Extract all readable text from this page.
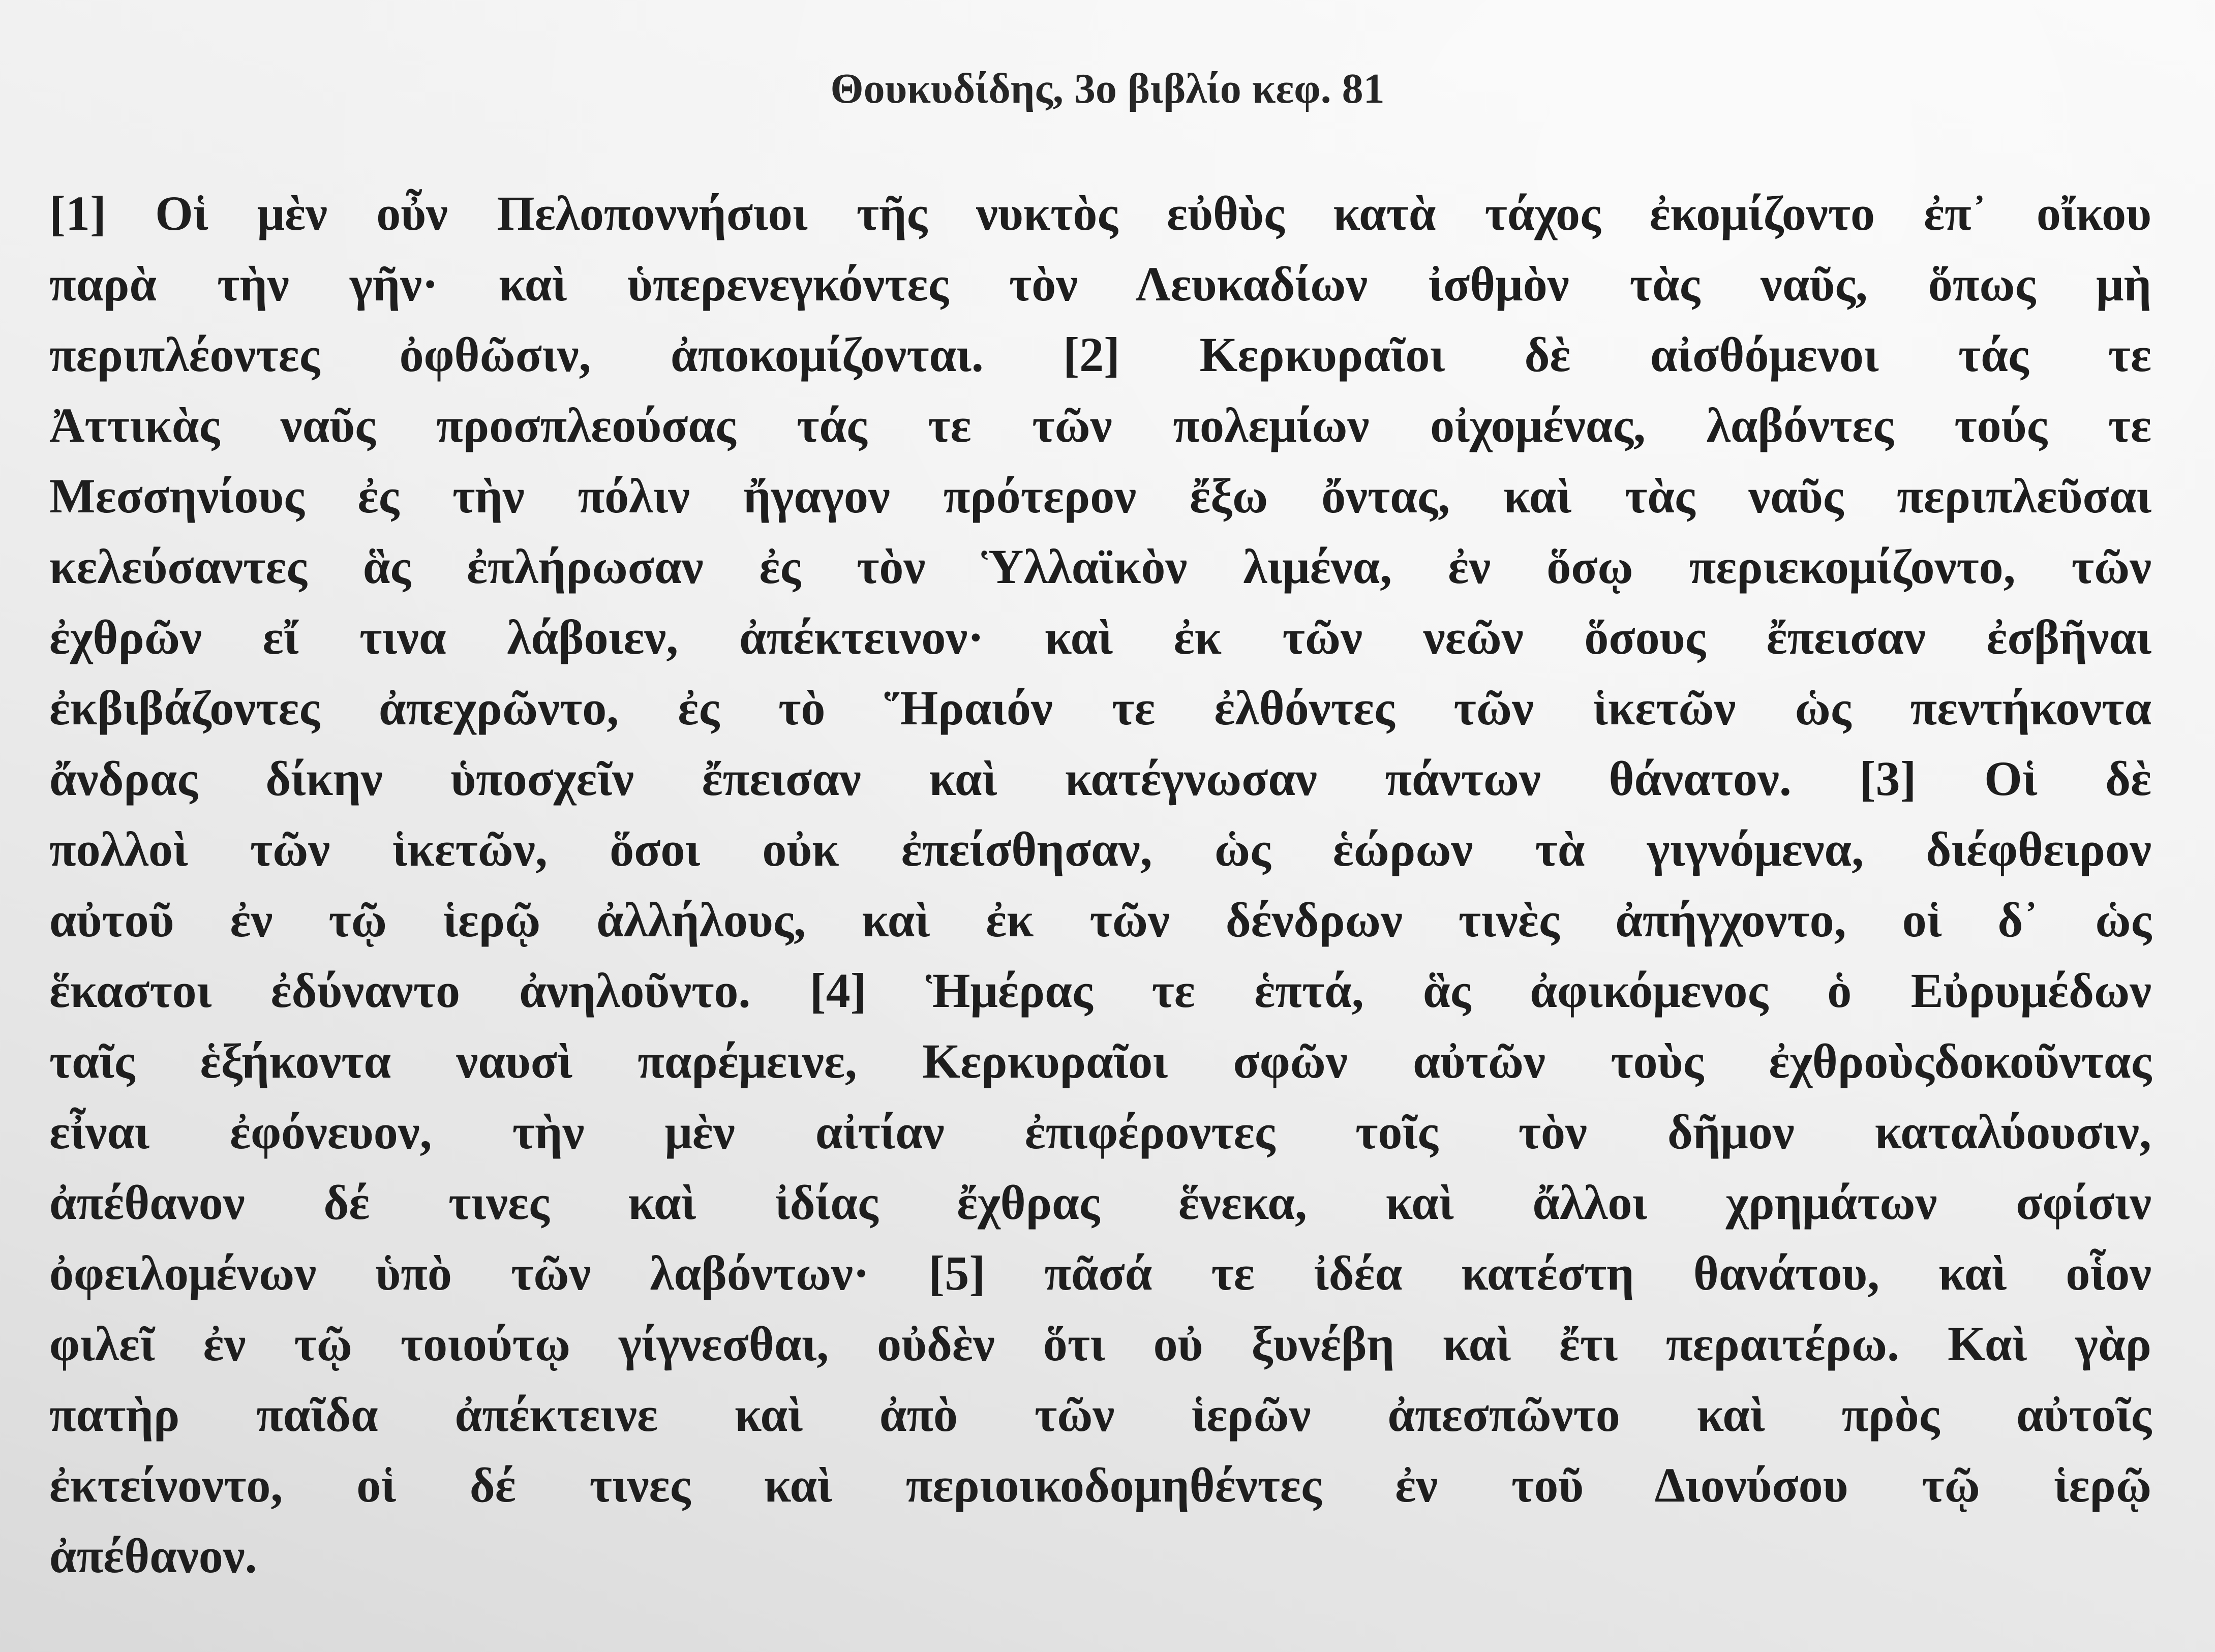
Θουκυδίδης, 3ο βιβλίο κεφ. 81
[1] Οἱ μὲν οὖν Πελοποννήσιοι τῆς νυκτὸς εὐθὺς κατὰ τάχος ἐκομίζοντο ἐπ᾽ οἴκου
παρὰ τὴν γῆν· καὶ ὑπερενεγκόντες τὸν Λευκαδίων ἰσθμὸν τὰς ναῦς, ὅπως μὴ
περιπλέοντες ὀφθῶσιν, ἀποκομίζονται. [2] Κερκυραῖοι δὲ αἰσθόμενοι τάς τε
Ἀττικὰς ναῦς προσπλεούσας τάς τε τῶν πολεμίων οἰχομένας, λαβόντες τούς τε
Μεσσηνίους ἐς τὴν πόλιν ἤγαγον πρότερον ἔξω ὄντας, καὶ τὰς ναῦς περιπλεῦσαι
κελεύσαντες ἃς ἐπλήρωσαν ἐς τὸν Ὑλλαϊκὸν λιμένα, ἐν ὅσῳ περιεκομίζοντο, τῶν
ἐχθρῶν εἴ τινα λάβοιεν, ἀπέκτεινον· καὶ ἐκ τῶν νεῶν ὅσους ἔπεισαν ἐσβῆναι
ἐκβιβάζοντες ἀπεχρῶντο, ἐς τὸ Ἥραιόν τε ἐλθόντες τῶν ἱκετῶν ὡς πεντήκοντα
ἄνδρας δίκην ὑποσχεῖν ἔπεισαν καὶ κατέγνωσαν πάντων θάνατον. [3] Οἱ δὲ
πολλοὶ τῶν ἱκετῶν, ὅσοι οὐκ ἐπείσθησαν, ὡς ἑώρων τὰ γιγνόμενα, διέφθειρον
αὐτοῦ ἐν τῷ ἱερῷ ἀλλήλους, καὶ ἐκ τῶν δένδρων τινὲς ἀπήγχοντο, οἱ δ᾽ ὡς
ἕκαστοι ἐδύναντο ἀνηλοῦντο. [4] Ἡμέρας τε ἑπτά, ἃς ἀφικόμενος ὁ Εὐρυμέδων
ταῖς ἑξήκοντα ναυσὶ παρέμεινε, Κερκυραῖοι σφῶν αὐτῶν τοὺς ἐχθροὺςδοκοῦντας
εἶναι ἐφόνευον, τὴν μὲν αἰτίαν ἐπιφέροντες τοῖς τὸν δῆμον καταλύουσιν,
ἀπέθανον δέ τινες καὶ ἰδίας ἔχθρας ἕνεκα, καὶ ἄλλοι χρημάτων σφίσιν
ὀφειλομένων ὑπὸ τῶν λαβόντων· [5] πᾶσά τε ἰδέα κατέστη θανάτου, καὶ οἷον
φιλεῖ ἐν τῷ τοιούτῳ γίγνεσθαι, οὐδὲν ὅτι οὐ ξυνέβη καὶ ἔτι περαιτέρω. Καὶ γὰρ
πατὴρ παῖδα ἀπέκτεινε καὶ ἀπὸ τῶν ἱερῶν ἀπεσπῶντο καὶ πρὸς αὐτοῖς
ἐκτείνοντο, οἱ δέ τινες καὶ περιοικοδομηθέντες ἐν τοῦ Διονύσου τῷ ἱερῷ
ἀπέθανον.
